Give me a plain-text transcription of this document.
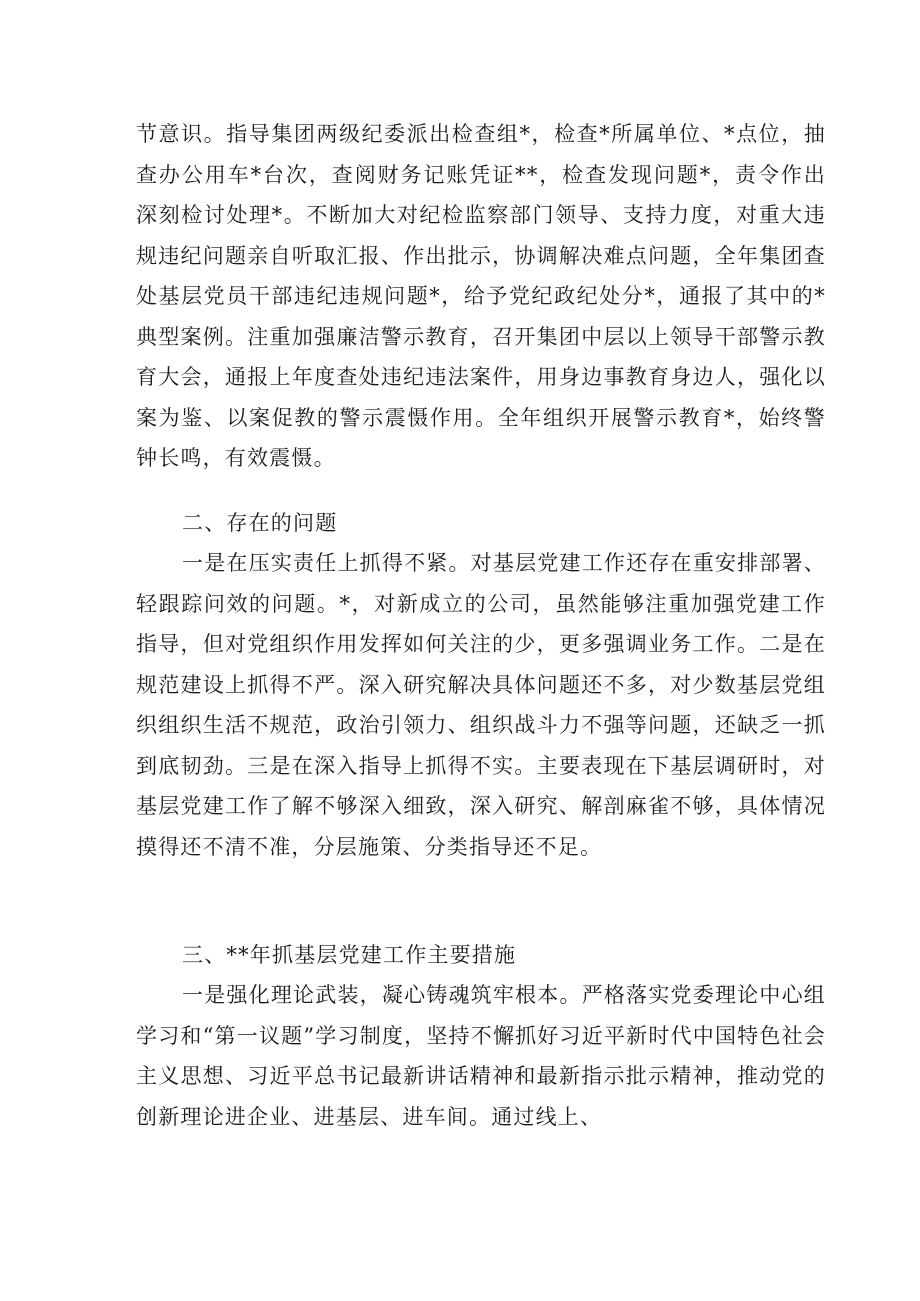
节意识。指导集团两级纪委派出检查组*，检查*所属单位、*点位，抽查办公用车*台次，查阅财务记账凭证**，检查发现问题*，责令作出深刻检讨处理*。不断加大对纪检监察部门领导、支持力度，对重大违规违纪问题亲自听取汇报、作出批示，协调解决难点问题，全年集团查处基层党员干部违纪违规问题*，给予党纪政纪处分*，通报了其中的*典型案例。注重加强廉洁警示教育，召开集团中层以上领导干部警示教育大会，通报上年度查处违纪违法案件，用身边事教育身边人，强化以案为鉴、以案促教的警示震慑作用。全年组织开展警示教育*，始终警钟长鸣，有效震慑。

二、存在的问题

一是在压实责任上抓得不紧。对基层党建工作还存在重安排部署、轻跟踪问效的问题。*，对新成立的公司，虽然能够注重加强党建工作指导，但对党组织作用发挥如何关注的少，更多强调业务工作。二是在规范建设上抓得不严。深入研究解决具体问题还不多，对少数基层党组织组织生活不规范，政治引领力、组织战斗力不强等问题，还缺乏一抓到底韧劲。三是在深入指导上抓得不实。主要表现在下基层调研时，对基层党建工作了解不够深入细致，深入研究、解剖麻雀不够，具体情况摸得还不清不准，分层施策、分类指导还不足。

三、**年抓基层党建工作主要措施

一是强化理论武装，凝心铸魂筑牢根本。严格落实党委理论中心组学习和“第一议题”学习制度，坚持不懈抓好习近平新时代中国特色社会主义思想、习近平总书记最新讲话精神和最新指示批示精神，推动党的创新理论进企业、进基层、进车间。通过线上、
